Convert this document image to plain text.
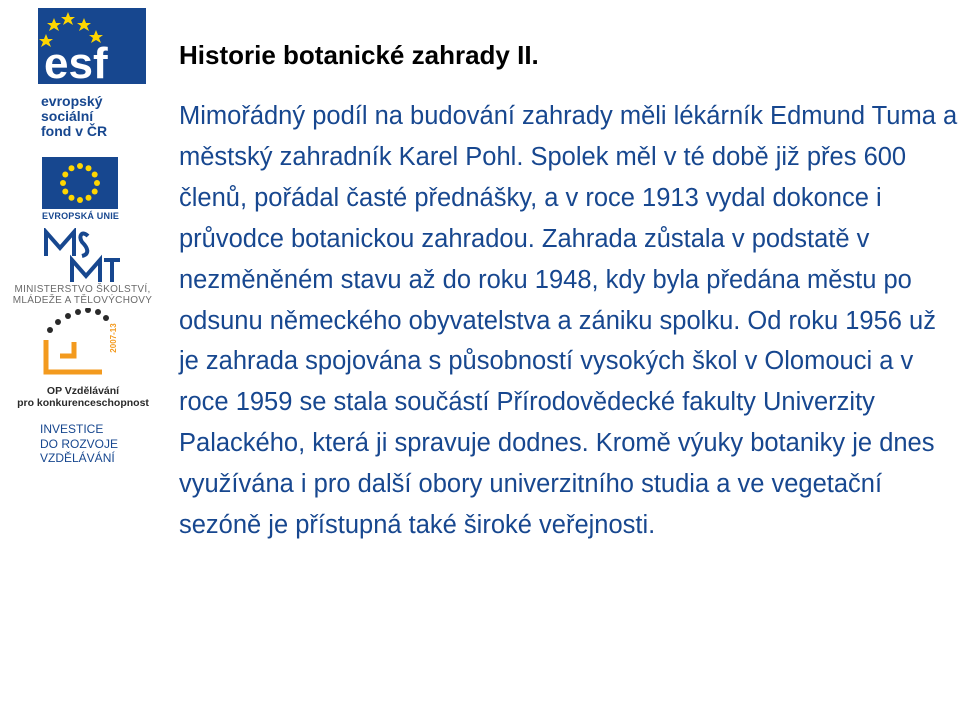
esf
evropský
sociální
fond v ČR
EVROPSKÁ UNIE
MINISTERSTVO ŠKOLSTVÍ,
MLÁDEŽE A TĚLOVÝCHOVY
2007-13
OP Vzdělávání
pro konkurenceschopnost
INVESTICE
DO ROZVOJE
VZDĚLÁVÁNÍ
Historie botanické zahrady II.

Mimořádný podíl na budování zahrady měli lékárník Edmund Tuma a městský zahradník Karel Pohl. Spolek měl v té době již přes 600 členů, pořádal časté přednášky, a v roce 1913 vydal dokonce i průvodce botanickou zahradou. Zahrada zůstala v podstatě v nezměněném stavu až do roku 1948, kdy byla předána městu po odsunu německého obyvatelstva a zániku spolku. Od roku 1956 už je zahrada spojována s působností vysokých škol v Olomouci a v roce 1959 se stala součástí Přírodovědecké fakulty Univerzity Palackého, která ji spravuje dodnes. Kromě výuky botaniky je dnes využívána i pro další obory univerzitního studia a ve vegetační sezóně je přístupná také široké veřejnosti.
